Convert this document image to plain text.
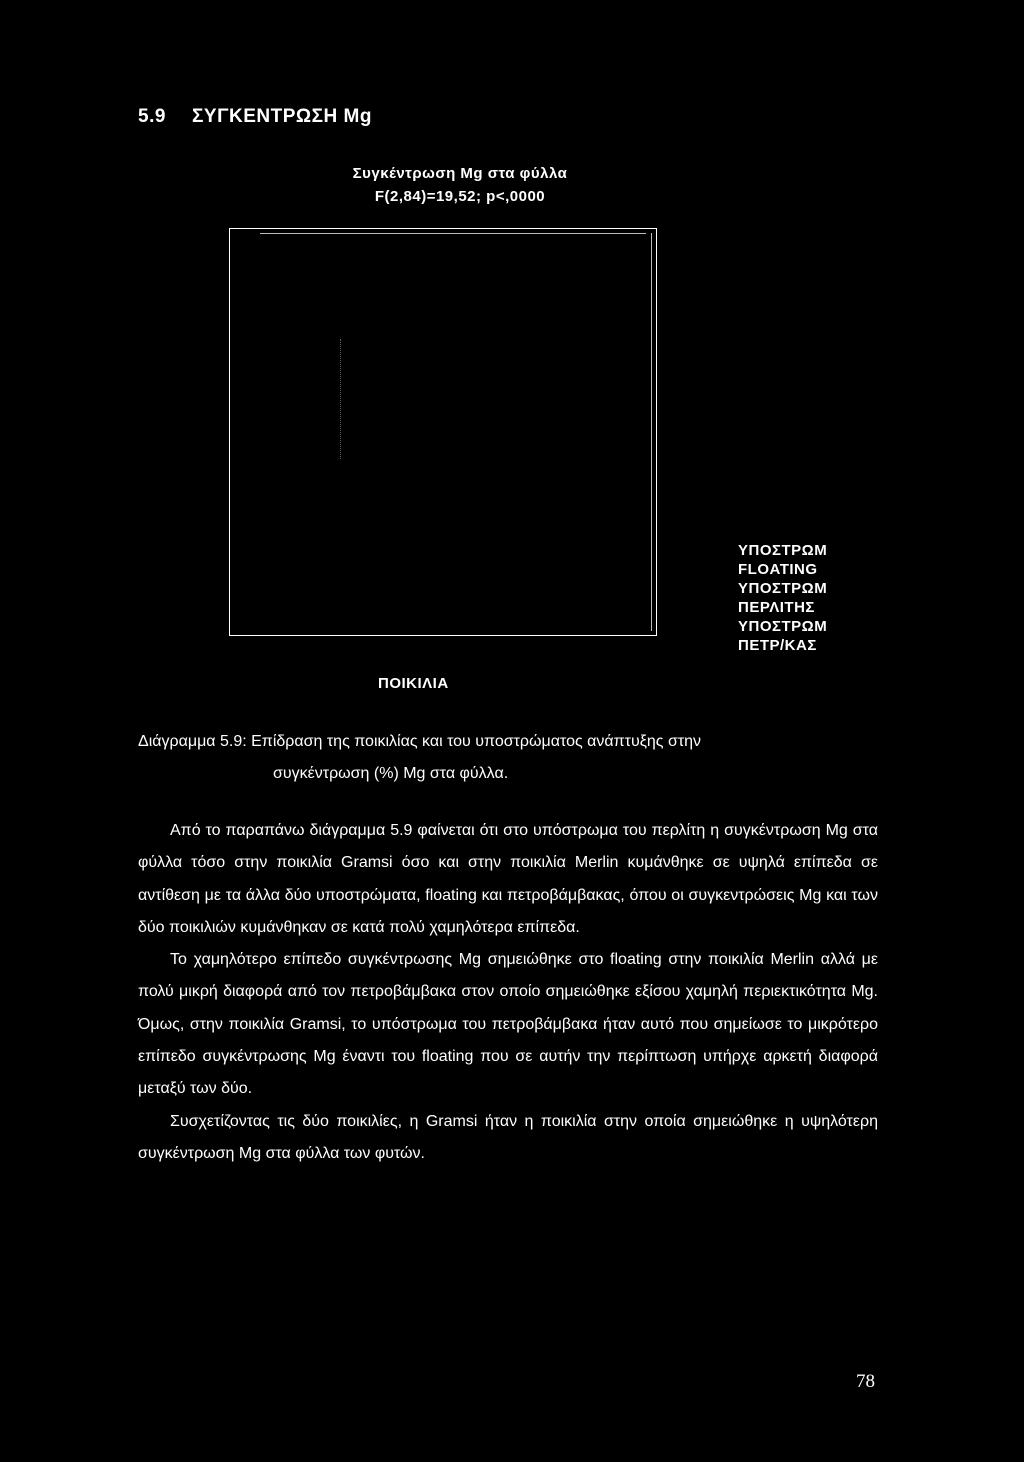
5.9 ΣΥΓΚΕΝΤΡΩΣΗ Mg
Συγκέντρωση Mg στα φύλλα
F(2,84)=19,52; p<,0000
ΥΠΟΣΤΡΩΜ
FLOATING
ΥΠΟΣΤΡΩΜ
ΠΕΡΛΙΤΗΣ
ΥΠΟΣΤΡΩΜ
ΠΕΤΡ/ΚΑΣ
ΠΟΙΚΙΛΙΑ
Διάγραμμα 5.9: Επίδραση της ποικιλίας και του υποστρώματος ανάπτυξης στην
συγκέντρωση (%) Mg στα φύλλα.

Από το παραπάνω διάγραμμα 5.9 φαίνεται ότι στο υπόστρωμα του περλίτη η συγκέντρωση Mg στα φύλλα τόσο στην ποικιλία Gramsi όσο και στην ποικιλία Merlin κυμάνθηκε σε υψηλά επίπεδα σε αντίθεση με τα άλλα δύο υποστρώματα, floating και πετροβάμβακας, όπου οι συγκεντρώσεις Mg και των δύο ποικιλιών κυμάνθηκαν σε κατά πολύ χαμηλότερα επίπεδα.

Το χαμηλότερο επίπεδο συγκέντρωσης Mg σημειώθηκε στο floating στην ποικιλία Merlin αλλά με πολύ μικρή διαφορά από τον πετροβάμβακα στον οποίο σημειώθηκε εξίσου χαμηλή περιεκτικότητα Mg. Όμως, στην ποικιλία Gramsi, το υπόστρωμα του πετροβάμβακα ήταν αυτό που σημείωσε το μικρότερο επίπεδο συγκέντρωσης Mg έναντι του floating που σε αυτήν την περίπτωση υπήρχε αρκετή διαφορά μεταξύ των δύο.

Συσχετίζοντας τις δύο ποικιλίες, η Gramsi ήταν η ποικιλία στην οποία σημειώθηκε η υψηλότερη συγκέντρωση Mg στα φύλλα των φυτών.

78
